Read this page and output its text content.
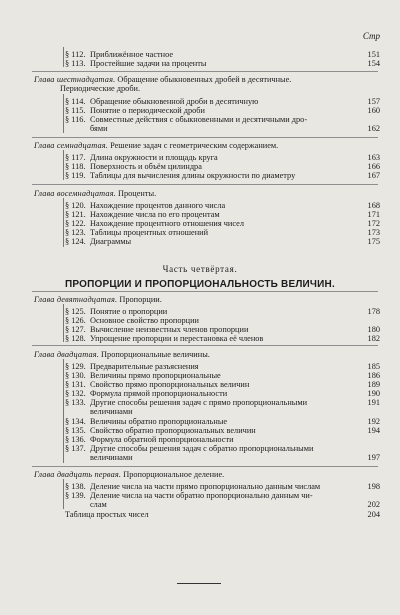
Стр
§ 112. Приближённое частное	151
§ 113. Простейшие задачи на проценты	154
Глава шестнадцатая. Обращение обыкновенных дробей в десятичные.
Периодические дроби.
§ 114. Обращение обыкновенной дроби в десятичную	157
§ 115. Понятие о периодической дроби	160
§ 116. Совместные действия с обыкновенными и десятичными дро-
бями	162
Глава семнадцатая. Решение задач с геометрическим содержанием.
§ 117. Длина окружности и площадь круга	163
§ 118. Поверхность и объём цилиндра	166
§ 119. Таблицы для вычисления длины окружности по диаметру	167
Глава восемнадцатая. Проценты.
§ 120. Нахождение процентов данного числа	168
§ 121. Нахождение числа по его процентам	171
§ 122. Нахождение процентного отношения чисел	172
§ 123. Таблицы процентных отношений	173
§ 124. Диаграммы	175
Часть четвёртая.
ПРОПОРЦИИ И ПРОПОРЦИОНАЛЬНОСТЬ ВЕЛИЧИН.
Глава девятнадцатая. Пропорции.
§ 125. Понятие о пропорции	178
§ 126. Основное свойство пропорции
§ 127. Вычисление неизвестных членов пропорции	180
§ 128. Упрощение пропорции и перестановка её членов	182
Глава двадцатая. Пропорциональные величины.
§ 129. Предварительные разъяснения	185
§ 130. Величины прямо пропорциональные	186
§ 131. Свойство прямо пропорциональных величин	189
§ 132. Формула прямой пропорциональности	190
§ 133. Другие способы решения задач с прямо пропорциональными	191
величинами
§ 134. Величины обратно пропорциональные	192
§ 135. Свойство обратно пропорциональных величин	194
§ 136. Формула обратной пропорциональности
§ 137. Другие способы решения задач с обратно пропорциональными
величинами	197
Глава двадцать первая. Пропорциональное деление.
§ 138. Деление числа на части прямо пропорционально данным числам	198
§ 139. Деление числа на части обратно пропорционально данным чи-
слам	202
Таблица простых чисел	204
